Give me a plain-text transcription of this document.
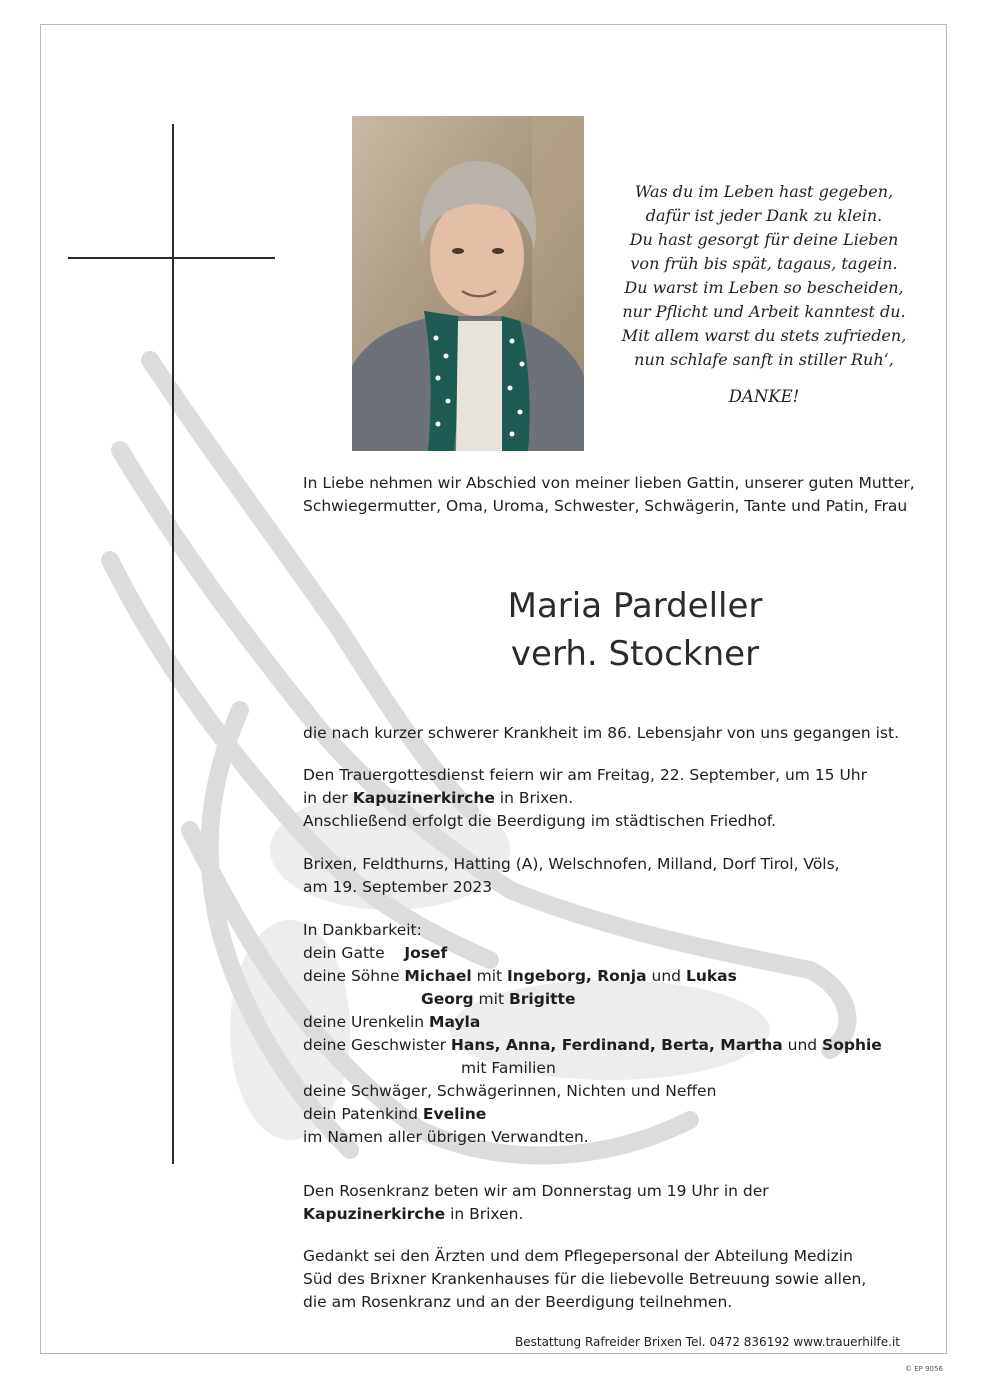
Was du im Leben hast gegeben,
dafür ist jeder Dank zu klein.
Du hast gesorgt für deine Lieben
von früh bis spät, tagaus, tagein.
Du warst im Leben so bescheiden,
nur Pflicht und Arbeit kanntest du.
Mit allem warst du stets zufrieden,
nun schlafe sanft in stiller Ruh‘,
DANKE!
In Liebe nehmen wir Abschied von meiner lieben Gattin, unserer guten Mutter, Schwiegermutter, Oma, Uroma, Schwester, Schwägerin, Tante und Patin, Frau
Maria Pardeller
verh. Stockner
die nach kurzer schwerer Krankheit im 86. Lebensjahr von uns gegangen ist.
Den Trauergottesdienst feiern wir am Freitag, 22. September, um 15 Uhr
in der Kapuzinerkirche in Brixen.
Anschließend erfolgt die Beerdigung im städtischen Friedhof.
Brixen, Feldthurns, Hatting (A), Welschnofen, Milland, Dorf Tirol, Völs,
am 19. September 2023
In Dankbarkeit:
dein Gatte Josef
deine Söhne Michael mit Ingeborg, Ronja und Lukas
Georg mit Brigitte
deine Urenkelin Mayla
deine Geschwister Hans, Anna, Ferdinand, Berta, Martha und Sophie
mit Familien
deine Schwäger, Schwägerinnen, Nichten und Neffen
dein Patenkind Eveline
im Namen aller übrigen Verwandten.
Den Rosenkranz beten wir am Donnerstag um 19 Uhr in der
Kapuzinerkirche in Brixen.
Gedankt sei den Ärzten und dem Pflegepersonal der Abteilung Medizin
Süd des Brixner Krankenhauses für die liebevolle Betreuung sowie allen,
die am Rosenkranz und an der Beerdigung teilnehmen.
Bestattung Rafreider Brixen Tel. 0472 836192 www.trauerhilfe.it
© EP 9056
